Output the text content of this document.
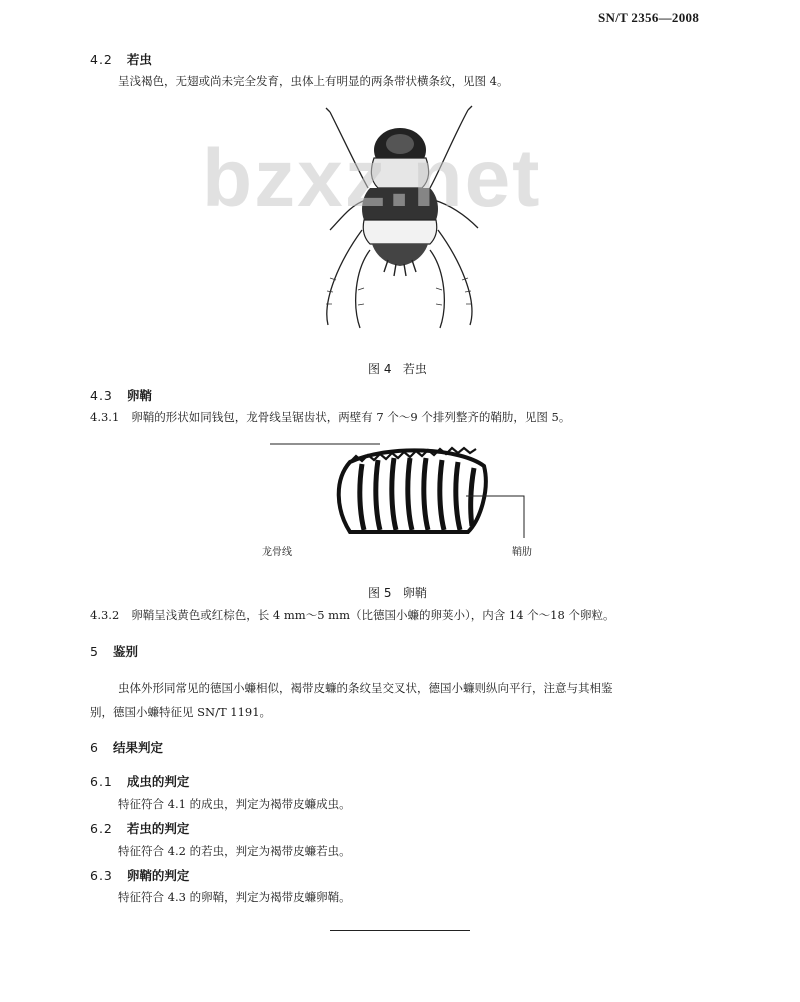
SN/T 2356—2008
4.2 若虫
呈浅褐色，无翅或尚未完全发育，虫体上有明显的两条带状横条纹，见图 4。
bzxz.net
图 4 若虫
4.3 卵鞘
4.3.1 卵鞘的形状如同钱包，龙骨线呈锯齿状，两壁有 7 个～9 个排列整齐的鞘肋，见图 5。
龙骨线	鞘肋
图 5 卵鞘
4.3.2 卵鞘呈浅黄色或红棕色，长 4 mm～5 mm（比德国小蠊的卵荚小），内含 14 个～18 个卵粒。
5 鉴别
虫体外形同常见的德国小蠊相似，褐带皮蠊的条纹呈交叉状，德国小蠊则纵向平行，注意与其相鉴
别，德国小蠊特征见 SN/T 1191。
6 结果判定
6.1 成虫的判定
特征符合 4.1 的成虫，判定为褐带皮蠊成虫。
6.2 若虫的判定
特征符合 4.2 的若虫，判定为褐带皮蠊若虫。
6.3 卵鞘的判定
特征符合 4.3 的卵鞘，判定为褐带皮蠊卵鞘。
